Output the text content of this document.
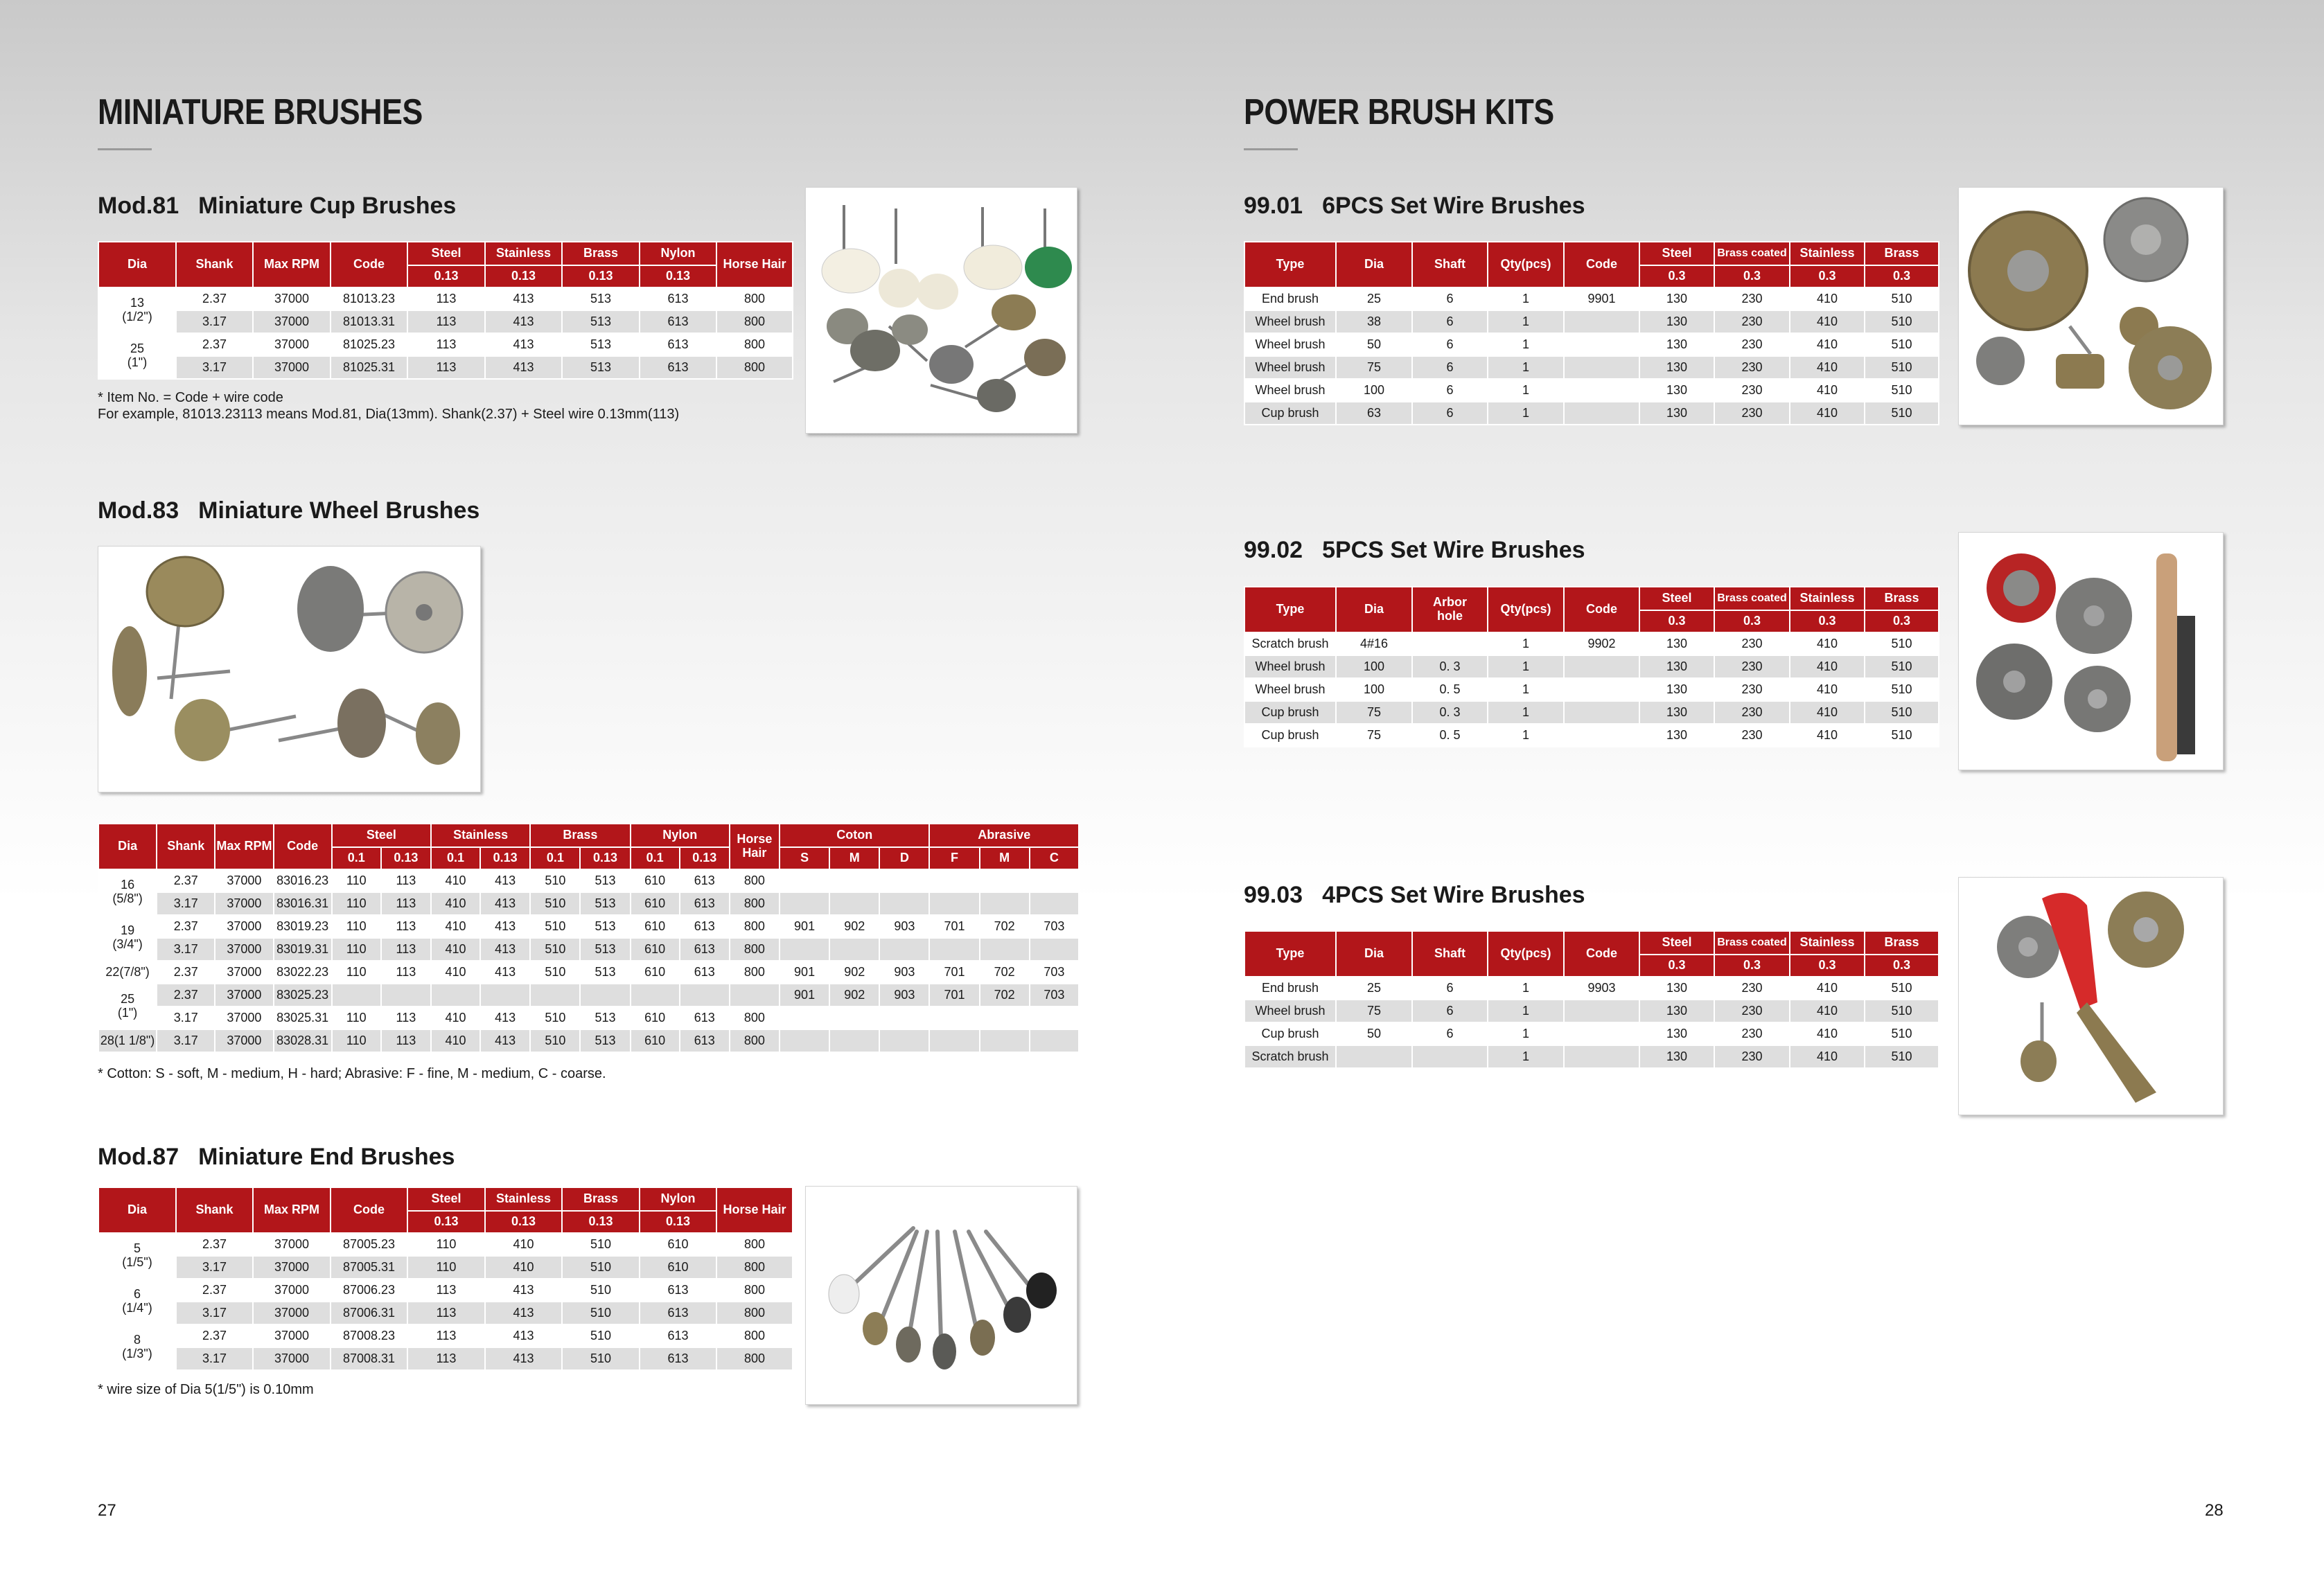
MINIATURE BRUSHES
Mod.81 Miniature Cup Brushes
Dia	Shank	Max RPM	Code	Steel	Stainless	Brass	Nylon	Horse Hair
				0.13	0.13	0.13	0.13	
13
(1/2")	2.37	37000	81013.23	113	413	513	613	800
	3.17	37000	81013.31	113	413	513	613	800
25
(1")	2.37	37000	81025.23	113	413	513	613	800
	3.17	37000	81025.31	113	413	513	613	800
* Item No. = Code + wire code
For example, 81013.23113 means Mod.81, Dia(13mm). Shank(2.37) + Steel wire 0.13mm(113)
Mod.83 Miniature Wheel Brushes
Dia	Shank	Max RPM	Code	Steel		Stainless		Brass		Nylon		Horse Hair	Coton			Abrasive		
				0.1	0.13	0.1	0.13	0.1	0.13	0.1	0.13		S	M	D	F	M	C
16
(5/8")	2.37	37000	83016.23	110	113	410	413	510	513	610	613	800						
	3.17	37000	83016.31	110	113	410	413	510	513	610	613	800						
19
(3/4")	2.37	37000	83019.23	110	113	410	413	510	513	610	613	800	901	902	903	701	702	703
	3.17	37000	83019.31	110	113	410	413	510	513	610	613	800						
22(7/8")	2.37	37000	83022.23	110	113	410	413	510	513	610	613	800	901	902	903	701	702	703
25
(1")	2.37	37000	83025.23										901	902	903	701	702	703
	3.17	37000	83025.31	110	113	410	413	510	513	610	613	800						
28(1 1/8")	3.17	37000	83028.31	110	113	410	413	510	513	610	613	800						
* Cotton: S - soft, M - medium, H - hard; Abrasive: F - fine, M - medium, C - coarse.
Mod.87 Miniature End Brushes
Dia	Shank	Max RPM	Code	Steel	Stainless	Brass	Nylon	Horse Hair
				0.13	0.13	0.13	0.13	
5
(1/5")	2.37	37000	87005.23	110	410	510	610	800
	3.17	37000	87005.31	110	410	510	610	800
6
(1/4")	2.37	37000	87006.23	113	413	510	613	800
	3.17	37000	87006.31	113	413	510	613	800
8
(1/3")	2.37	37000	87008.23	113	413	510	613	800
	3.17	37000	87008.31	113	413	510	613	800
* wire size of Dia 5(1/5") is 0.10mm
27
POWER BRUSH KITS
99.01 6PCS Set Wire Brushes
Type	Dia	Shaft	Qty(pcs)	Code	Steel	Brass coated	Stainless	Brass
					0.3	0.3	0.3	0.3
End brush	25	6	1	9901	130	230	410	510
Wheel brush	38	6	1		130	230	410	510
Wheel brush	50	6	1		130	230	410	510
Wheel brush	75	6	1		130	230	410	510
Wheel brush	100	6	1		130	230	410	510
Cup brush	63	6	1		130	230	410	510
99.02 5PCS Set Wire Brushes
Type	Dia	Arbor hole	Qty(pcs)	Code	Steel	Brass coated	Stainless	Brass
					0.3	0.3	0.3	0.3
Scratch brush	4#16		1	9902	130	230	410	510
Wheel brush	100	0. 3	1		130	230	410	510
Wheel brush	100	0. 5	1		130	230	410	510
Cup brush	75	0. 3	1		130	230	410	510
Cup brush	75	0. 5	1		130	230	410	510
99.03 4PCS Set Wire Brushes
Type	Dia	Shaft	Qty(pcs)	Code	Steel	Brass coated	Stainless	Brass
					0.3	0.3	0.3	0.3
End brush	25	6	1	9903	130	230	410	510
Wheel brush	75	6	1		130	230	410	510
Cup brush	50	6	1		130	230	410	510
Scratch brush			1		130	230	410	510
28
